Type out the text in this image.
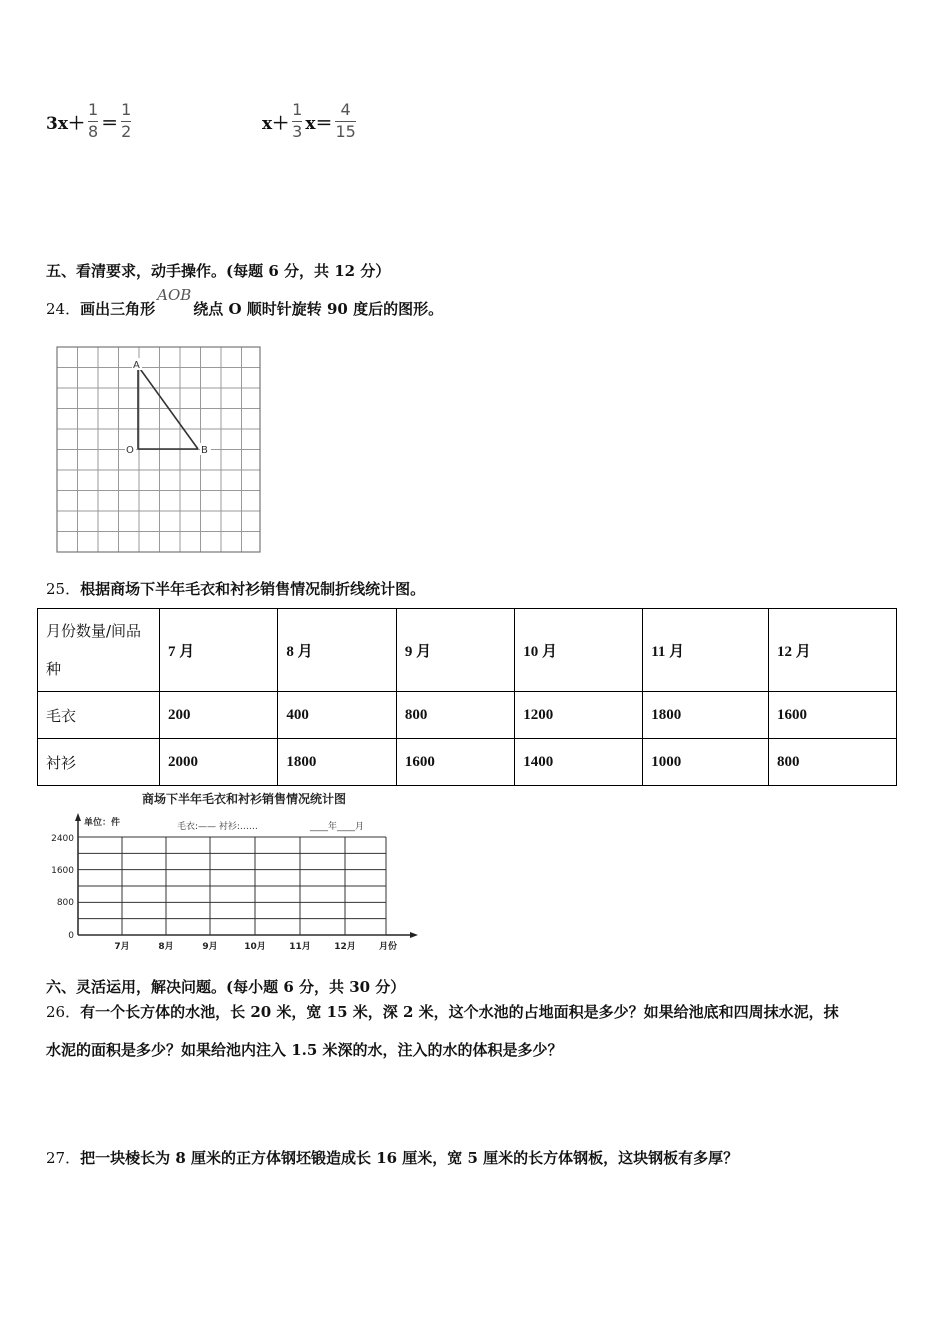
$3x+ \frac{1}{8} = \frac{1}{2}$	$x+ \frac{1}{3} x= \frac{4}{15}$
五、看清要求，动手操作。(每题 6 分，共 12 分）
24．画出三角形AOB绕点 O 顺时针旋转 90 度后的图形。
A
O	B
25．根据商场下半年毛衣和衬衫销售情况制折线统计图。
月份数量/间品
种	7 月	8 月	9 月	10 月	11 月	12 月
毛衣	200	400	800	1200	1800	1600
衬衫	2000	1800	1600	1400	1000	800
商场下半年毛衣和衬衫销售情况统计图
单位：件	毛衣:—— 衬衫:……	____年____月
2400
1600
800
0
7月	8月	9月	10月	11月	12月	月份
六、灵活运用，解决问题。(每小题 6 分，共 30 分）
26．有一个长方体的水池，长 20 米，宽 15 米，深 2 米，这个水池的占地面积是多少？如果给池底和四周抹水泥，抹
水泥的面积是多少？如果给池内注入 1.5 米深的水，注入的水的体积是多少？
27．把一块棱长为 8 厘米的正方体钢坯锻造成长 16 厘米，宽 5 厘米的长方体钢板，这块钢板有多厚？
